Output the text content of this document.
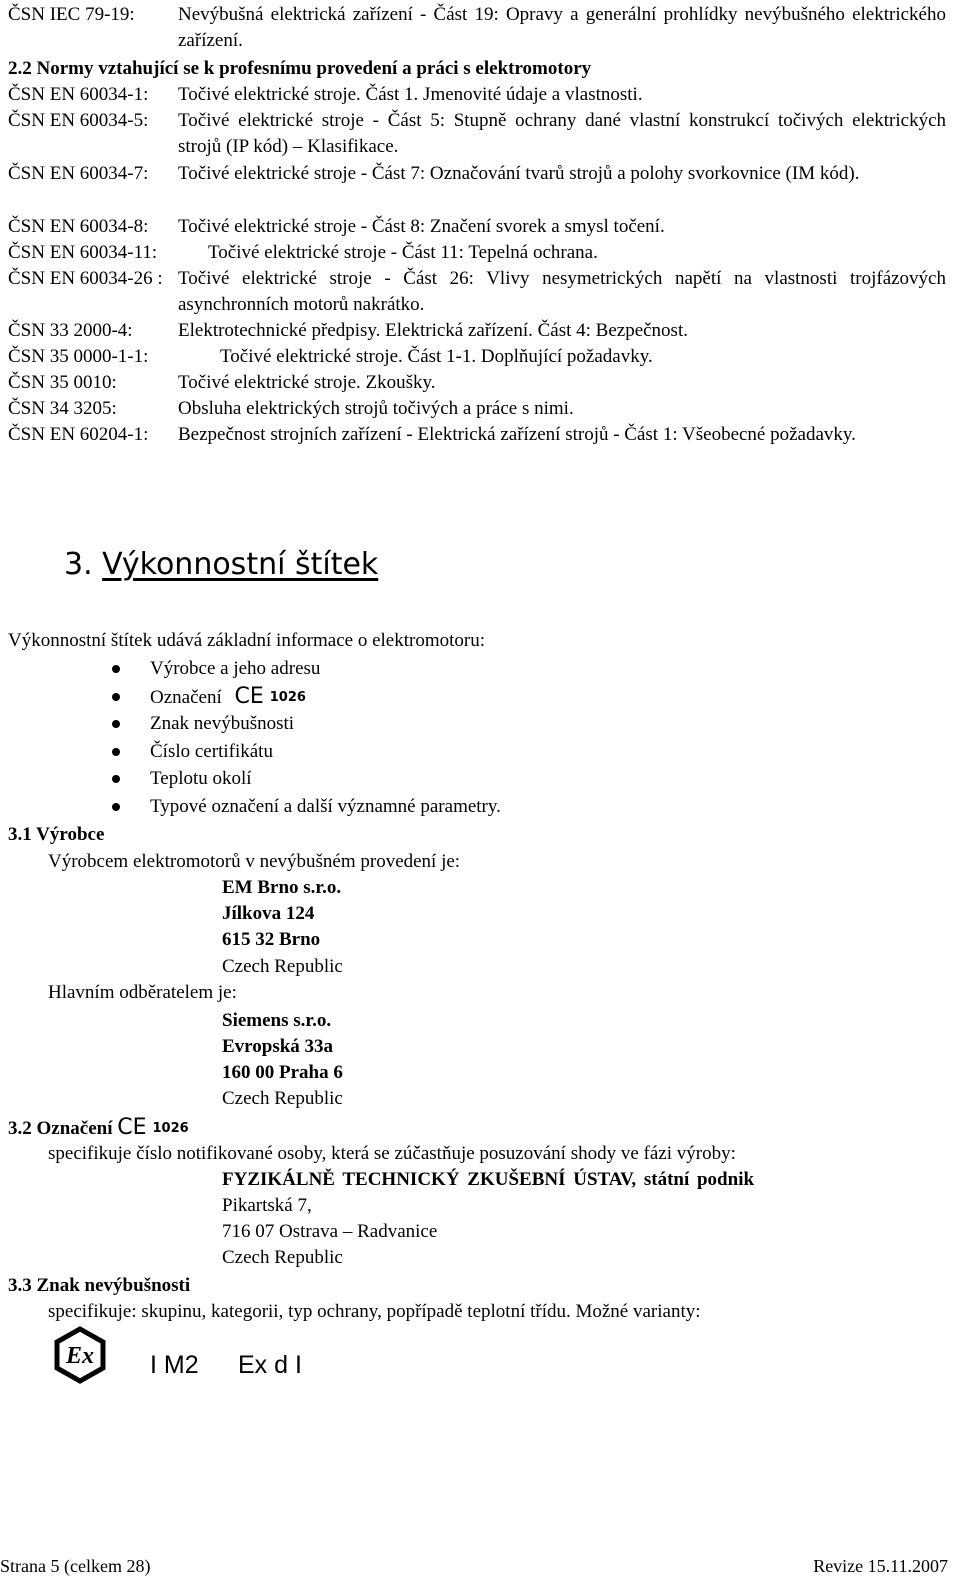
ČSN IEC 79-19: Nevýbušná elektrická zařízení - Část 19: Opravy a generální prohlídky nevýbušného elektrického zařízení.
2.2 Normy vztahující se k profesnímu provedení a práci s elektromotory
ČSN EN 60034-1: Točivé elektrické stroje. Část 1. Jmenovité údaje a vlastnosti.
ČSN EN 60034-5: Točivé elektrické stroje - Část 5: Stupně ochrany dané vlastní konstrukcí točivých elektrických strojů (IP kód) – Klasifikace.
ČSN EN 60034-7: Točivé elektrické stroje - Část 7: Označování tvarů strojů a polohy svorkovnice (IM kód).
ČSN EN 60034-8: Točivé elektrické stroje - Část 8: Značení svorek a smysl točení.
ČSN EN 60034-11:	Točivé elektrické stroje - Část 11: Tepelná ochrana.
ČSN EN 60034-26 : Točivé elektrické stroje - Část 26: Vlivy nesymetrických napětí na vlastnosti trojfázových asynchronních motorů nakrátko.
ČSN 33 2000-4: Elektrotechnické předpisy. Elektrická zařízení. Část 4: Bezpečnost.
ČSN 35 0000-1-1:	Točivé elektrické stroje. Část 1-1. Doplňující požadavky.
ČSN 35 0010:	Točivé elektrické stroje. Zkoušky.
ČSN 34 3205:	Obsluha elektrických strojů točivých a práce s nimi.
ČSN EN 60204-1: Bezpečnost strojních zařízení - Elektrická zařízení strojů - Část 1: Všeobecné požadavky.
3. Výkonnostní štítek
Výkonnostní štítek udává základní informace o elektromotoru:
Výrobce a jeho adresu
Označení CE 1026
Znak nevýbušnosti
Číslo certifikátu
Teplotu okolí
Typové označení a další významné parametry.
3.1 Výrobce
Výrobcem elektromotorů v nevýbušném provedení je:
EM Brno s.r.o.
Jílkova 124
615 32 Brno
Czech Republic
Hlavním odběratelem je:
Siemens s.r.o.
Evropská 33a
160 00 Praha 6
Czech Republic
3.2 Označení CE 1026
specifikuje číslo notifikované osoby, která se zúčastňuje posuzování shody ve fázi výroby:
FYZIKÁLNĚ TECHNICKÝ ZKUŠEBNÍ ÚSTAV, státní podnik
Pikartská 7,
716 07 Ostrava – Radvanice
Czech Republic
3.3 Znak nevýbušnosti
specifikuje: skupinu, kategorii, typ ochrany, popřípadě teplotní třídu. Možné varianty:
Ex I M2 Ex d I
Strana 5 (celkem 28)	Revize 15.11.2007
